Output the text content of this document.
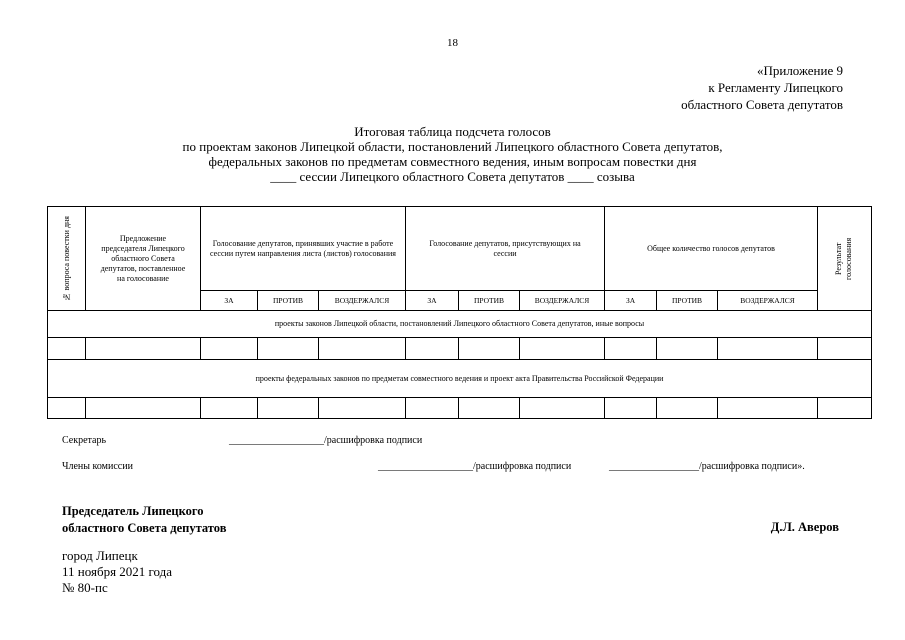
18
«Приложение 9
к Регламенту Липецкого
областного Совета депутатов
Итоговая таблица подсчета голосов
по проектам законов Липецкой области, постановлений Липецкого областного Совета депутатов,
федеральных законов по предметам совместного ведения, иным вопросам повестки дня
____ сессии Липецкого областного Совета депутатов ____ созыва
№ вопроса повестки дня	Предложение председателя Липецкого областного Совета депутатов, поставленное на голосование	Голосование депутатов, принявших участие в работе сессии путем направления листа (листов) голосования			Голосование депутатов, присутствующих на сессии			Общее количество голосов депутатов			Результат голосования

		ЗА	ПРОТИВ	ВОЗДЕРЖАЛСЯ	ЗА	ПРОТИВ	ВОЗДЕРЖАЛСЯ	ЗА	ПРОТИВ	ВОЗДЕРЖАЛСЯ	
проекты законов Липецкой области, постановлений Липецкого областного Совета депутатов, иные вопросы											

проекты федеральных законов по предметам совместного ведения и проект акта Правительства Российской Федерации											

Секретарь	___________________/расшифровка подписи
Члены комиссии	___________________/расшифровка подписи	__________________/расшифровка подписи».
Председатель Липецкого
областного Совета депутатов	Д.Л. Аверов
город Липецк
11 ноября 2021 года
№ 80-пс
